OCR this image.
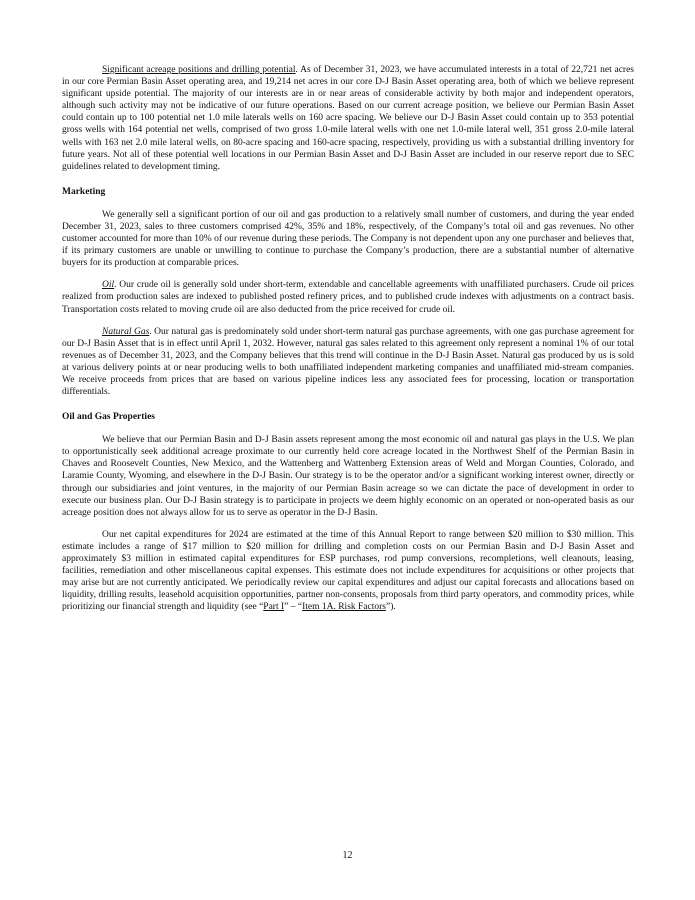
Significant acreage positions and drilling potential. As of December 31, 2023, we have accumulated interests in a total of 22,721 net acres in our core Permian Basin Asset operating area, and 19,214 net acres in our core D-J Basin Asset operating area, both of which we believe represent significant upside potential. The majority of our interests are in or near areas of considerable activity by both major and independent operators, although such activity may not be indicative of our future operations. Based on our current acreage position, we believe our Permian Basin Asset could contain up to 100 potential net 1.0 mile laterals wells on 160 acre spacing. We believe our D-J Basin Asset could contain up to 353 potential gross wells with 164 potential net wells, comprised of two gross 1.0-mile lateral wells with one net 1.0-mile lateral well, 351 gross 2.0-mile lateral wells with 163 net 2.0 mile lateral wells, on 80-acre spacing and 160-acre spacing, respectively, providing us with a substantial drilling inventory for future years. Not all of these potential well locations in our Permian Basin Asset and D-J Basin Asset are included in our reserve report due to SEC guidelines related to development timing.

Marketing

We generally sell a significant portion of our oil and gas production to a relatively small number of customers, and during the year ended December 31, 2023, sales to three customers comprised 42%, 35% and 18%, respectively, of the Company’s total oil and gas revenues. No other customer accounted for more than 10% of our revenue during these periods. The Company is not dependent upon any one purchaser and believes that, if its primary customers are unable or unwilling to continue to purchase the Company’s production, there are a substantial number of alternative buyers for its production at comparable prices.

Oil. Our crude oil is generally sold under short-term, extendable and cancellable agreements with unaffiliated purchasers. Crude oil prices realized from production sales are indexed to published posted refinery prices, and to published crude indexes with adjustments on a contract basis. Transportation costs related to moving crude oil are also deducted from the price received for crude oil.

Natural Gas. Our natural gas is predominately sold under short-term natural gas purchase agreements, with one gas purchase agreement for our D-J Basin Asset that is in effect until April 1, 2032. However, natural gas sales related to this agreement only represent a nominal 1% of our total revenues as of December 31, 2023, and the Company believes that this trend will continue in the D-J Basin Asset. Natural gas produced by us is sold at various delivery points at or near producing wells to both unaffiliated independent marketing companies and unaffiliated mid-stream companies. We receive proceeds from prices that are based on various pipeline indices less any associated fees for processing, location or transportation differentials.

Oil and Gas Properties

We believe that our Permian Basin and D-J Basin assets represent among the most economic oil and natural gas plays in the U.S. We plan to opportunistically seek additional acreage proximate to our currently held core acreage located in the Northwest Shelf of the Permian Basin in Chaves and Roosevelt Counties, New Mexico, and the Wattenberg and Wattenberg Extension areas of Weld and Morgan Counties, Colorado, and Laramie County, Wyoming, and elsewhere in the D-J Basin. Our strategy is to be the operator and/or a significant working interest owner, directly or through our subsidiaries and joint ventures, in the majority of our Permian Basin acreage so we can dictate the pace of development in order to execute our business plan. Our D-J Basin strategy is to participate in projects we deem highly economic on an operated or non-operated basis as our acreage position does not always allow for us to serve as operator in the D-J Basin.

Our net capital expenditures for 2024 are estimated at the time of this Annual Report to range between $20 million to $30 million. This estimate includes a range of $17 million to $20 million for drilling and completion costs on our Permian Basin and D-J Basin Asset and approximately $3 million in estimated capital expenditures for ESP purchases, rod pump conversions, recompletions, well cleanouts, leasing, facilities, remediation and other miscellaneous capital expenses. This estimate does not include expenditures for acquisitions or other projects that may arise but are not currently anticipated. We periodically review our capital expenditures and adjust our capital forecasts and allocations based on liquidity, drilling results, leasehold acquisition opportunities, partner non-consents, proposals from third party operators, and commodity prices, while prioritizing our financial strength and liquidity (see “Part I” – “Item 1A. Risk Factors”).

12
